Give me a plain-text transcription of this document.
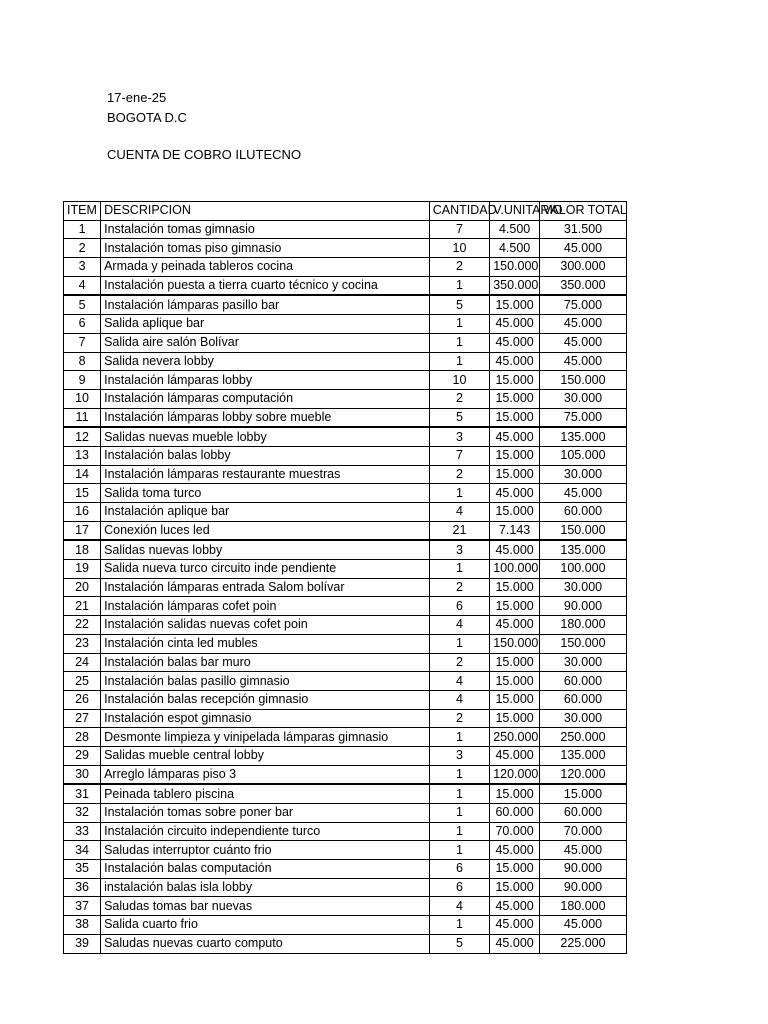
17-ene-25
BOGOTA D.C
CUENTA DE COBRO ILUTECNO
ITEM	DESCRIPCION	CANTIDAD	V.UNITARIO	VALOR TOTAL
1	Instalación tomas gimnasio	7	4.500	31.500
2	Instalación tomas piso gimnasio	10	4.500	45.000
3	Armada y peinada tableros cocina	2	150.000	300.000
4	Instalación puesta a tierra cuarto técnico y cocina	1	350.000	350.000
5	Instalación lámparas pasillo bar	5	15.000	75.000
6	Salida aplique bar	1	45.000	45.000
7	Salida aire salón Bolívar	1	45.000	45.000
8	Salida nevera lobby	1	45.000	45.000
9	Instalación lámparas lobby	10	15.000	150.000
10	Instalación lámparas computación	2	15.000	30.000
11	Instalación lámparas lobby sobre mueble	5	15.000	75.000
12	Salidas nuevas mueble lobby	3	45.000	135.000
13	Instalación balas lobby	7	15.000	105.000
14	Instalación lámparas restaurante muestras	2	15.000	30.000
15	Salida toma turco	1	45.000	45.000
16	Instalación aplique bar	4	15.000	60.000
17	Conexión luces led	21	7.143	150.000
18	Salidas nuevas lobby	3	45.000	135.000
19	Salida nueva turco circuito inde pendiente	1	100.000	100.000
20	Instalación lámparas entrada Salom bolívar	2	15.000	30.000
21	Instalación lámparas cofet poin	6	15.000	90.000
22	Instalación salidas nuevas cofet poin	4	45.000	180.000
23	Instalación cinta led mubles	1	150.000	150.000
24	Instalación balas bar muro	2	15.000	30.000
25	Instalación balas pasillo gimnasio	4	15.000	60.000
26	Instalación balas recepción gimnasio	4	15.000	60.000
27	Instalación espot gimnasio	2	15.000	30.000
28	Desmonte limpieza y vinipelada lámparas gimnasio	1	250.000	250.000
29	Salidas mueble central lobby	3	45.000	135.000
30	Arreglo lámparas piso 3	1	120.000	120.000
31	Peinada tablero piscina	1	15.000	15.000
32	Instalación tomas sobre poner bar	1	60.000	60.000
33	Instalación circuito independiente turco	1	70.000	70.000
34	Saludas interruptor cuánto frio	1	45.000	45.000
35	Instalación balas computación	6	15.000	90.000
36	instalación balas isla lobby	6	15.000	90.000
37	Saludas tomas bar nuevas	4	45.000	180.000
38	Salida cuarto frio	1	45.000	45.000
39	Saludas nuevas cuarto computo	5	45.000	225.000
